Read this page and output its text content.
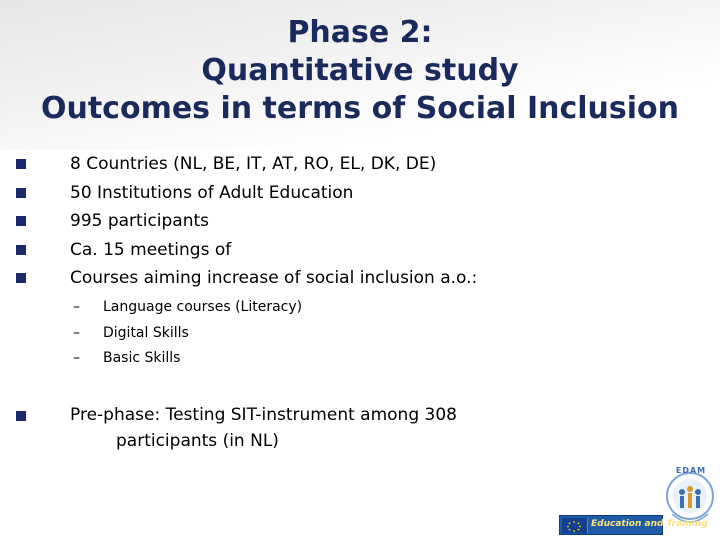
Phase 2:
Quantitative study
Outcomes in terms of Social Inclusion
8 Countries (NL, BE, IT, AT, RO, EL, DK, DE)
50 Institutions of Adult Education
995 participants
Ca. 15 meetings of
Courses aiming increase of social inclusion a.o.:
– Language courses (Literacy)
– Digital Skills
– Basic Skills
Pre-phase: Testing SIT-instrument among 308
participants (in NL)
EDAM
Education and Training
